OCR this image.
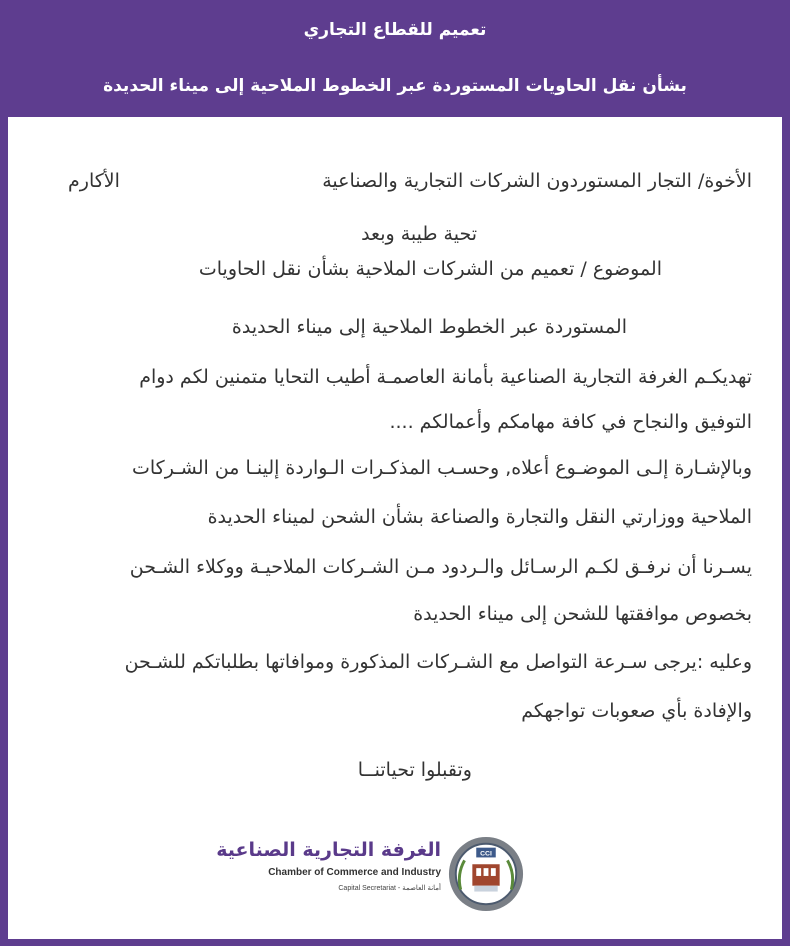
تعميم للقطاع التجاري
بشأن نقل الحاويات المستوردة عبر الخطوط الملاحية إلى ميناء الحديدة
الأخوة/ التجار المستوردون الشركات التجارية والصناعية
الأكارم
تحية طيبة وبعد
الموضوع / تعميم من الشركات الملاحية بشأن نقل الحاويات
المستوردة عبر الخطوط الملاحية إلى ميناء الحديدة
تهديكـم الغرفة التجارية الصناعية بأمانة العاصمـة أطيب التحايا متمنين لكم دوام
التوفيق والنجاح في كافة مهامكم وأعمالكم ....
وبالإشـارة إلـى الموضـوع أعلاه, وحسـب المذكـرات الـواردة إلينـا من الشـركات
الملاحية ووزارتي النقل والتجارة والصناعة بشأن الشحن لميناء الحديدة
يسـرنا أن نرفـق لكـم الرسـائل والـردود مـن الشـركات الملاحيـة ووكلاء الشـحن
بخصوص موافقتها للشحن إلى ميناء الحديدة
وعليه :يرجى سـرعة التواصل مع الشـركات المذكورة وموافاتها بطلباتكم للشـحن
والإفادة بأي صعوبات تواجهكم
وتقبلوا تحياتنــا
الغرفة التجارية الصناعية
Chamber of Commerce and Industry
Capital Secretariat - أمانة العاصمة
CCI
